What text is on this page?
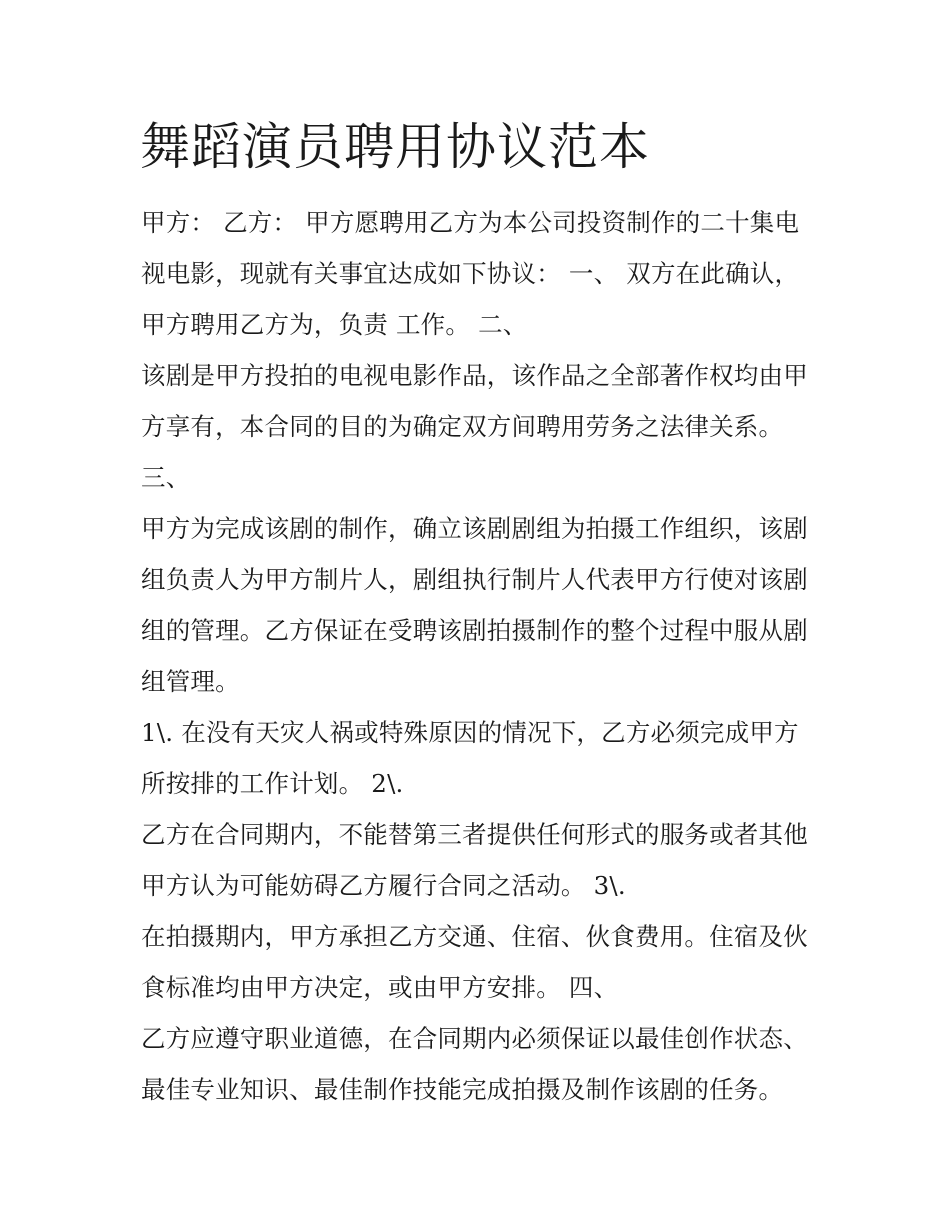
舞蹈演员聘用协议范本

甲方： 乙方： 甲方愿聘用乙方为本公司投资制作的二十集电

视电影，现就有关事宜达成如下协议： 一、 双方在此确认，

甲方聘用乙方为，负责 工作。 二、

该剧是甲方投拍的电视电影作品，该作品之全部著作权均由甲

方享有，本合同的目的为确定双方间聘用劳务之法律关系。

三、

甲方为完成该剧的制作，确立该剧剧组为拍摄工作组织，该剧

组负责人为甲方制片人，剧组执行制片人代表甲方行使对该剧

组的管理。乙方保证在受聘该剧拍摄制作的整个过程中服从剧

组管理。

1\. 在没有天灾人祸或特殊原因的情况下，乙方必须完成甲方

所按排的工作计划。 2\.

乙方在合同期内，不能替第三者提供任何形式的服务或者其他

甲方认为可能妨碍乙方履行合同之活动。 3\.

在拍摄期内，甲方承担乙方交通、住宿、伙食费用。住宿及伙

食标准均由甲方决定，或由甲方安排。 四、

乙方应遵守职业道德，在合同期内必须保证以最佳创作状态、

最佳专业知识、最佳制作技能完成拍摄及制作该剧的任务。
